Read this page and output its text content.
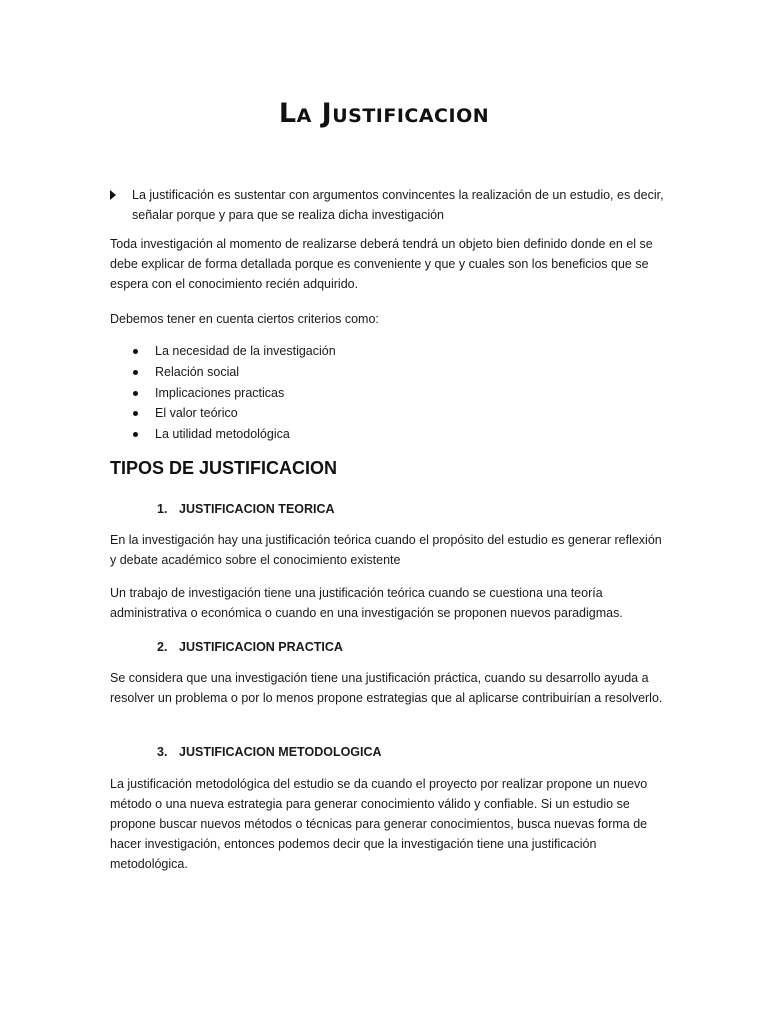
La Justificacion
La justificación es sustentar con argumentos convincentes la realización de un estudio, es decir, señalar porque y para que se realiza dicha investigación
Toda investigación al momento de realizarse deberá tendrá un objeto bien definido donde en el se debe explicar de forma detallada porque es conveniente y que y cuales son los beneficios que se espera con el conocimiento recién adquirido.
Debemos tener en cuenta ciertos criterios como:
La necesidad de la investigación
Relación social
Implicaciones practicas
El valor teórico
La utilidad metodológica
TIPOS DE JUSTIFICACION
1. JUSTIFICACION TEORICA
En la investigación hay una justificación teórica cuando el propósito del estudio es generar reflexión y debate académico sobre el conocimiento existente
Un trabajo de investigación tiene una justificación teórica cuando se cuestiona una teoría administrativa o económica o cuando en una investigación se proponen nuevos paradigmas.
2. JUSTIFICACION PRACTICA
Se considera que una investigación tiene una justificación práctica, cuando su desarrollo ayuda a resolver un problema o por lo menos propone estrategias que al aplicarse contribuirían a resolverlo.
3. JUSTIFICACION METODOLOGICA
La justificación metodológica del estudio se da cuando el proyecto por realizar propone un nuevo método o una nueva estrategia para generar conocimiento válido y confiable. Si un estudio se propone buscar nuevos métodos o técnicas para generar conocimientos, busca nuevas forma de hacer investigación, entonces podemos decir que la investigación tiene una justificación metodológica.
